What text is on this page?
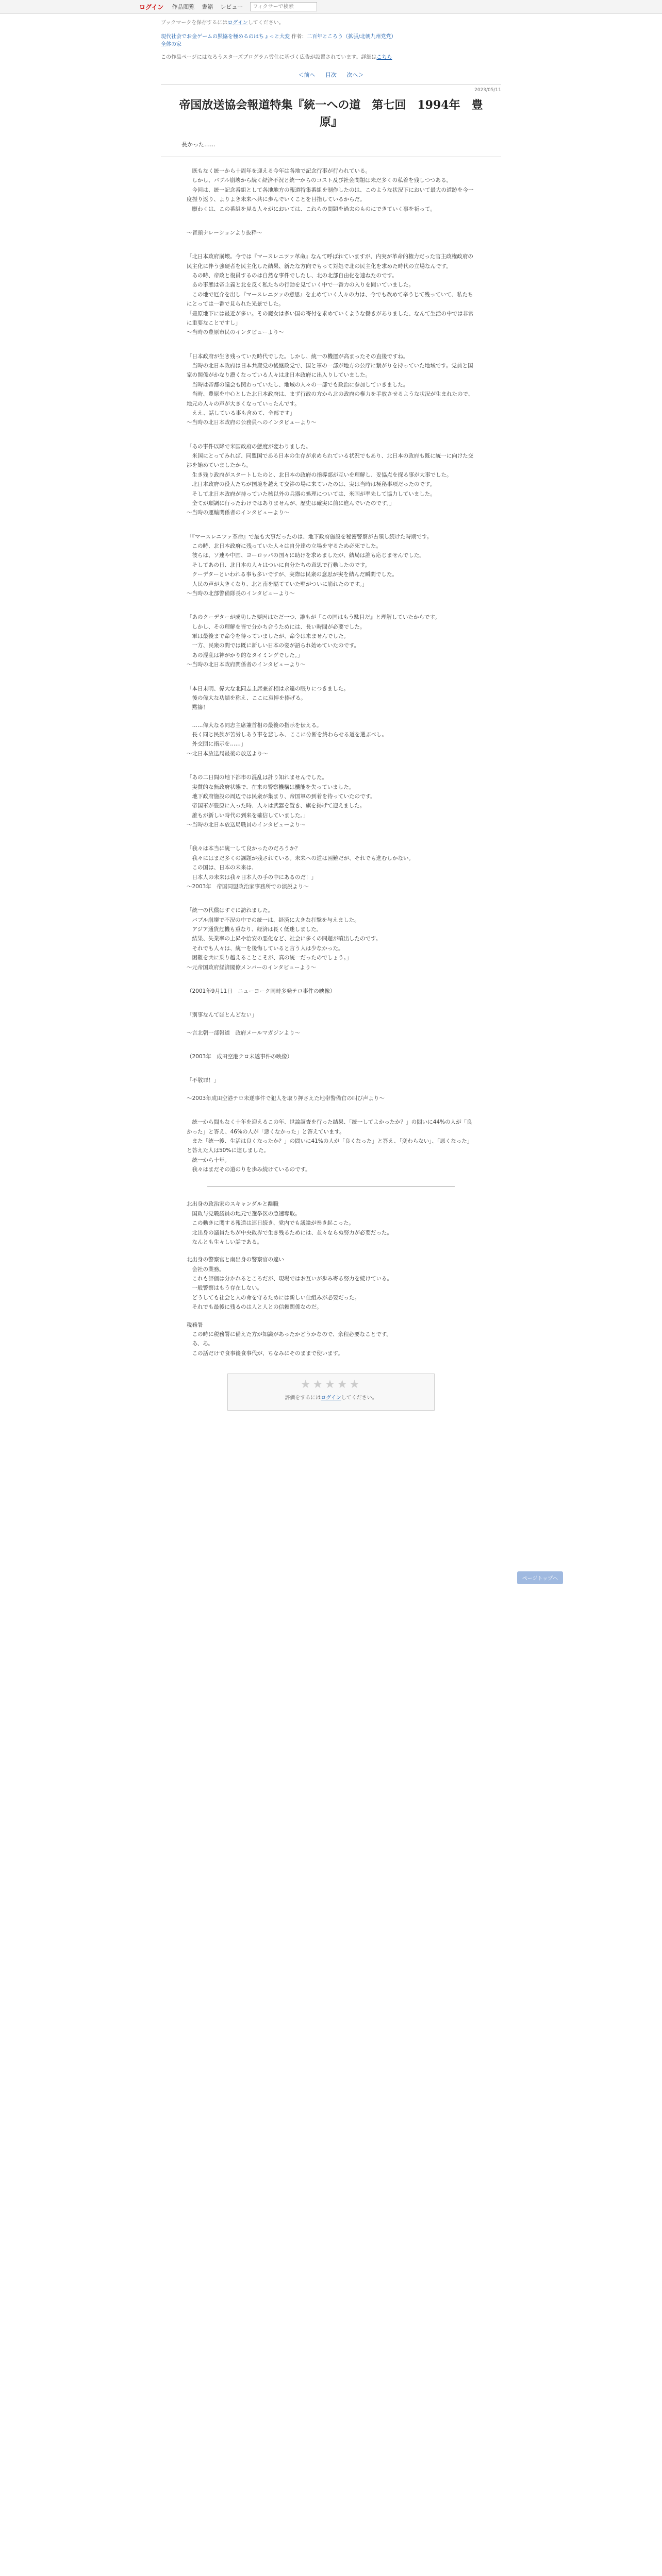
ログイン 作品閲覧 書籍 レビュー
フィクサーで検索
ブックマークを保存するにはログインしてください。
現代社会でお金ゲームの黙協を極めるのはちょっと大変 作者：二百年ところう（拡張/北朝九州党党）
全体の家
この作品ページにはなろうスターズプログラム労仕に基づく広告が設置されています。詳細はこちら
＜前へ 目次 次へ＞
2023/05/11
帝国放送協会報道特集『統一への道　第七回　1994年　豊原』
長かった……

　既もなく統一から十周年を迎える今年は各地で記念行事が行われている。

　しかし、バブル崩壊から続く経済不況と統一からのコスト及び社会問題は未だ多くの私着を残しつつある。

　今回は、統一記念番組として各地地方の報道特集番組を制作したのは、このような状況下において最大の道跡を今一度振り返り、よりよき未来へ共に歩んでいくことを目指しているからだ。

　願わくは、この番組を見る人々がにおいては、これらの問題を過去のものにできていく事を祈って。

〜冒頭ナレーションより抜粋〜

「北日本政府崩壊。今では『マースレニツァ革命』なんて呼ばれていますが、内実が革命的権力だった官主政権政府の民主化に伴う強硬者を民主化した結果、新たな方向でもって対処で北の民主化を求めた時代の立場なんです。

　あの時、帝政と復員するのは自然な事件でしたし、北の北部自由化を連ねたのです。

　あの事態は帝主義と北を反く私たちの行動を見ていく中で一番力の入りを聞いていました。

　この地で厄介を出し『マースレニツァの意思』を止めていく人々の力は、今でも改めて辛うじて残っていて、私たちにとっては一番で見られた光景でした。

「豊原地下には最近が多い。その魔女は多い国の寄付を求めていくような働きがありました、なんて生活の中では非常に重要なことですし」

〜当時の豊原市民のインタビューより〜

「日本政府が生き残っていた時代でした。しかし、統一の機運が高まったその直後ですね。

　当時の北日本政府は日本共産党の後継政党で、国と軍の一部が地方の公庁に繋がりを持っていた地域です。党員と国家の関係がかなり濃くなっている人々は北日本政府に出入りしていました。

　当時は帝都の議会も関わっていたし、地域の人々の一部でも政治に参加していきました。

　当時、豊原を中心とした北日本政府は、まず行政の方から北の政府の権力を手放させるような状況が生まれたので、地元の人々の声が大きくなっていったんです。

　ええ、話している事も含めて、全部です」

〜当時の北日本政府の公務員へのインタビューより〜

「あの事件以降で米国政府の態度が変わりました。

　米国にとってみれば、同盟国である日本の生存が求められている状況でもあり、北日本の政府も既に統一に向けた交渉を始めていましたから。

　生き残り政府がスタートしたのと、北日本の政府の指導部が互いを理解し、妥協点を探る事が大事でした。

　北日本政府の役人たちが国境を越えて交渉の場に来ていたのは、実は当時は極秘事項だったのです。

　そして北日本政府が持っていた核以外の兵器の処理については、米国が率先して協力していました。

　全てが順調に行ったわけではありませんが、歴史は確実に前に進んでいたのです。」

〜当時の運輸関係者のインタビューより〜

「『マースレニツァ革命』で最も大事だったのは、地下政府施設を秘密警察が占領し続けた時期です。

　この時、北日本政府に残っていた人々は自分達の立場を守るため必死でした。

　彼らは、ソ連や中国、ヨーロッパの国々に助けを求めましたが、結局は誰も応じませんでした。

　そしてあの日、北日本の人々はついに自分たちの意思で行動したのです。

　クーデターといわれる事も多いですが、実際は民衆の意思が実を結んだ瞬間でした。

　人民の声が大きくなり、北と南を隔てていた壁がついに崩れたのです。」

〜当時の北部警備隊長のインタビューより〜

「あのクーデターが成功した要因はただ一つ、誰もが『この国はもう駄目だ』と理解していたからです。

　しかし、その理解を皆で分かち合うためには、長い時間が必要でした。

　軍は最後まで命令を待っていましたが、命令は来ませんでした。

　一方、民衆の間では既に新しい日本の姿が語られ始めていたのです。

　あの混乱は神がかり的なタイミングでした。」

〜当時の北日本政府関係者のインタビューより〜

「本日未明、偉大な北同志主席兼首相は永遠の眠りにつきました。

　後の偉大な功績を称え、ここに哀悼を捧げる。

　黙禱！

　……偉大なる同志主席兼首相の最後の指示を伝える。

　長く同じ民族が苦労しあう事を悲しみ、ここに分断を終わらせる道を選ぶべし。

　外交団に指示を……」

〜北日本放送局最後の放送より〜

「あの二日間の地下都市の混乱は計り知れませんでした。

　実質的な無政府状態で、在来の警察機構は機能を失っていました。

　地下政府施設の周辺では民衆が集まり、帝国軍の到着を待っていたのです。

　帝国軍が豊原に入った時、人々は武器を置き、旗を掲げて迎えました。

　誰もが新しい時代の到来を確信していました。」

〜当時の北日本放送局職員のインタビューより〜

「我々は本当に統一して良かったのだろうか？

　我々にはまだ多くの課題が残されている。未来への道は困難だが、それでも進むしかない。

　この国は、日本の未来は、

　日本人の未来は我々日本人の手の中にあるのだ！」

〜2003年　帝国同盟政治家事務所での演説より〜

「統一の代償はすぐに訪れました。

　バブル崩壊で不況の中での統一は、経済に大きな打撃を与えました。

　アジア通貨危機も重なり、経済は長く低迷しました。

　結果、失業率の上昇や治安の悪化など、社会に多くの問題が噴出したのです。

　それでも人々は、統一を後悔していると言う人は少なかった。

　困難を共に乗り越えることこそが、真の統一だったのでしょう。」

〜元帝国政府経済閣僚メンバーのインタビューより〜

（2001年9月11日　ニューヨーク同時多発テロ事件の映像）

「別事なんてほとんどない」

〜言北朝一部報道　政府メールマガジンより〜

（2003年　成田空港テロ未遂事件の映像）

「不敬罪！」

〜2003年成田空港テロ未遂事件で犯人を取り押さえた地帯警備官の叫び声より〜

　統一から間もなく十年を迎えるこの年、世論調査を行った結果、「統一してよかったか？」の問いに44%の人が「良かった」と答え、46%の人が「悪くなかった」と答えています。

　また「統一後、生活は良くなったか？」の問いに41%の人が「良くなった」と答え、「変わらない」、「悪くなった」と答えた人は50%に達しました。

　統一から十年。

　我々はまだその道のりを歩み続けているのです。

北出身の政治家のスキャンダルと離職

　国政与党職議員の地元で選挙区の急速奪取。

　この動きに関する報道は連日続き、党内でも議論が巻き起こった。

　北出身の議員たちが中央政界で生き残るためには、並々ならぬ努力が必要だった。

　なんとも生々しい話である。

北出身の警察官と南出身の警察官の違い

　会社の業務。

　これも評価は分かれるところだが、現場ではお互いが歩み寄る努力を続けている。

　一般警察はもう存在しない。

　どうしても社会と人の命を守るためには新しい仕組みが必要だった。

　それでも最後に残るのは人と人との信頼関係なのだ。

税務署

　この時に税務署に備えた方が知識があったかどうかなので、余程必要なことです。

　あ、あ。

　この話だけで食事後食事代が、ちなみにそのままで使います。

★★★★★
評価をするにはログインしてください。
ページトップへ
